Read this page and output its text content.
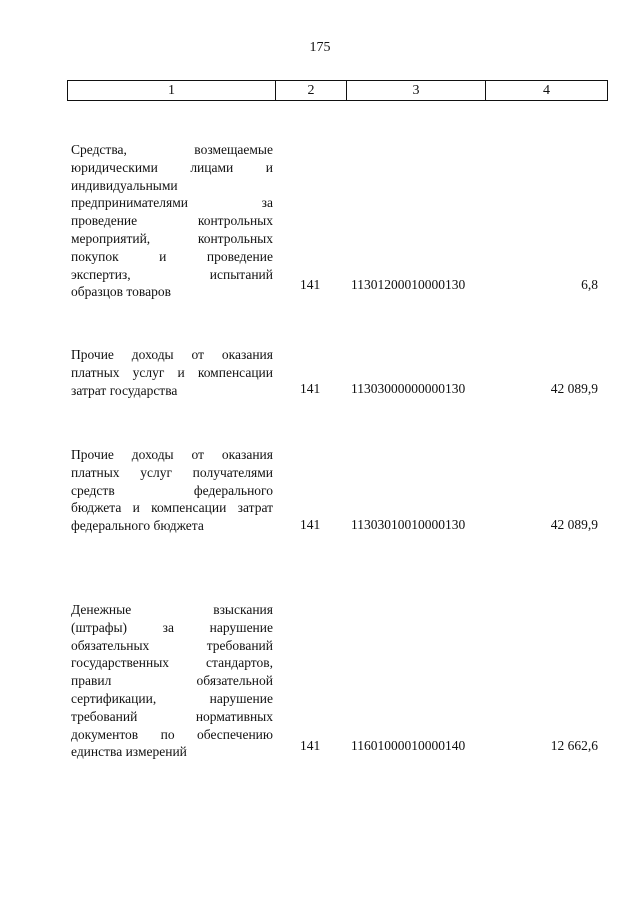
175
1	2	3	4
Средства, возмещаемые
юридическими лицами и
индивидуальными
предпринимателями за
проведение контрольных
мероприятий, контрольных
покупок и проведение
экспертиз, испытаний
образцов товаров	141 11301200010000130	6,8
Прочие доходы от оказания
платных услуг и компенсации
затрат государства	141 11303000000000130	42 089,9
Прочие доходы от оказания
платных услуг получателями
средств федерального
бюджета и компенсации затрат
федерального бюджета	141 11303010010000130	42 089,9
Денежные взыскания
(штрафы) за нарушение
обязательных требований
государственных стандартов,
правил обязательной
сертификации, нарушение
требований нормативных
документов по обеспечению
единства измерений	141 11601000010000140	12 662,6
